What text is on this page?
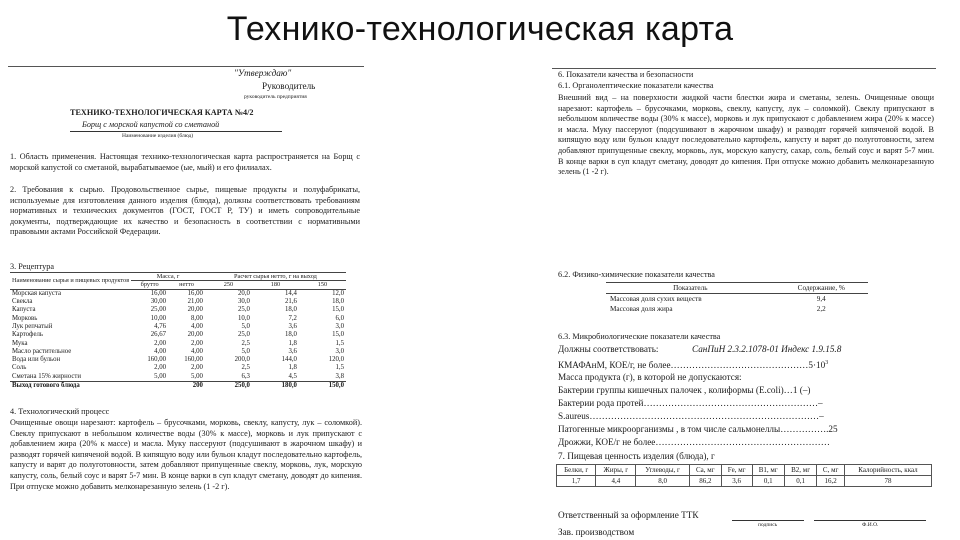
Технико-технологическая карта
"Утверждаю"
Руководитель
руководитель предприятия
ТЕХНИКО-ТЕХНОЛОГИЧЕСКАЯ КАРТА №4/2
Борщ с морской капустой со сметаной
Наименование изделия (блюд)
1. Область применения. Настоящая технико-технологическая карта распространяется на Борщ с морской капустой со сметаной, вырабатываемое (ые, мый) и его филиалах.
2. Требования к сырью. Продовольственное сырье, пищевые продукты и полуфабрикаты, используемые для изготовления данного изделия (блюда), должны соответствовать требованиям нормативных и технических документов (ГОСТ, ГОСТ Р, ТУ) и иметь сопроводительные документы, подтверждающие их качество и безопасность в соответствии с нормативными правовыми актами Российской Федерации.
3. Рецептура
Наименование сырья и пищевых продуктов	Масса, г		Расчет сырья нетто, г на выход		
	брутто	нетто	250	180	150
Морская капуста	16,00	16,00	20,0	14,4	12,0
Свекла	30,00	21,00	30,0	21,6	18,0
Капуста	25,00	20,00	25,0	18,0	15,0
Морковь	10,00	8,00	10,0	7,2	6,0
Лук репчатый	4,76	4,00	5,0	3,6	3,0
Картофель	26,67	20,00	25,0	18,0	15,0
Мука	2,00	2,00	2,5	1,8	1,5
Масло растительное	4,00	4,00	5,0	3,6	3,0
Вода или бульон	160,00	160,00	200,0	144,0	120,0
Соль	2,00	2,00	2,5	1,8	1,5
Сметана 15% жирности	5,00	5,00	6,3	4,5	3,8
Выход готового блюда		200	250,0	180,0	150,0
4. Технологический процесс
Очищенные овощи нарезают: картофель – брусочками, морковь, свеклу, капусту, лук – соломкой). Свеклу припускают в небольшом количестве воды (30% к массе), морковь и лук припускают с добавлением жира (20% к массе) и масла. Муку пассеруют (подсушивают в жарочном шкафу) и разводят горячей кипяченой водой. В кипящую воду или бульон кладут последовательно картофель, капусту и варят до полуготовности, затем добавляют припущенные свеклу, морковь, лук, морскую капусту, соль, белый соус и варят 5-7 мин. В конце варки в суп кладут сметану, доводят до кипения. При отпуске можно добавить мелконарезанную зелень (1 -2 г).
6. Показатели качества и безопасности
6.1. Органолептические показатели качества
Внешний вид – на поверхности жидкой части блестки жира и сметаны, зелень. Очищенные овощи нарезают: картофель – брусочками, морковь, свеклу, капусту, лук – соломкой). Свеклу припускают в небольшом количестве воды (30% к массе), морковь и лук припускают с добавлением жира (20% к массе) и масла. Муку пассеруют (подсушивают в жарочном шкафу) и разводят горячей кипяченой водой. В кипящую воду или бульон кладут последовательно картофель, капусту и варят до полуготовности, затем добавляют припущенные свеклу, морковь, лук, морскую капусту, сахар, соль, белый соус и варят 5-7 мин. В конце варки в суп кладут сметану, доводят до кипения. При отпуске можно добавить мелконарезанную зелень (1 -2 г).
6.2. Физико-химические показатели качества
Показатель	Содержание, %
Массовая доля сухих веществ	9,4
Массовая доля жира	2,2
6.3. Микробиологические показатели качества
Должны соответствовать:	СанПиН 2.3.2.1078-01 Индекс 1.9.15.8
КМАФАнМ, КОЕ/г, не $более\dots\dots\dots\dots\dots\dots\dots\dots\dots\dots\dots\dots\dots\dots\dots 5\cdot 10^3$
Масса продукта (г), в которой не допускаются:
Бактерии группы кишечных палочек , колиформы (Е.coli)…1 (–)
Бактерии рода протей…………………………………………………–
S.aureus…………………………………………………………………–
Патогенные микроорганизмы , в том числе сальмонеллы…………….25
Дрожжи, КОЕ/г не более…………………………………………………
7. Пищевая ценность изделия (блюда), г
Белки, г	Жиры, г	Углеводы, г	Са, мг	Fe, мг	B1, мг	B2, мг	С, мг	Калорийность, ккал
1,7	4,4	8,0	86,2	3,6	0,1	0,1	16,2	78
Ответственный за оформление ТТК
подпись	Ф.И.О.
Зав. производством
